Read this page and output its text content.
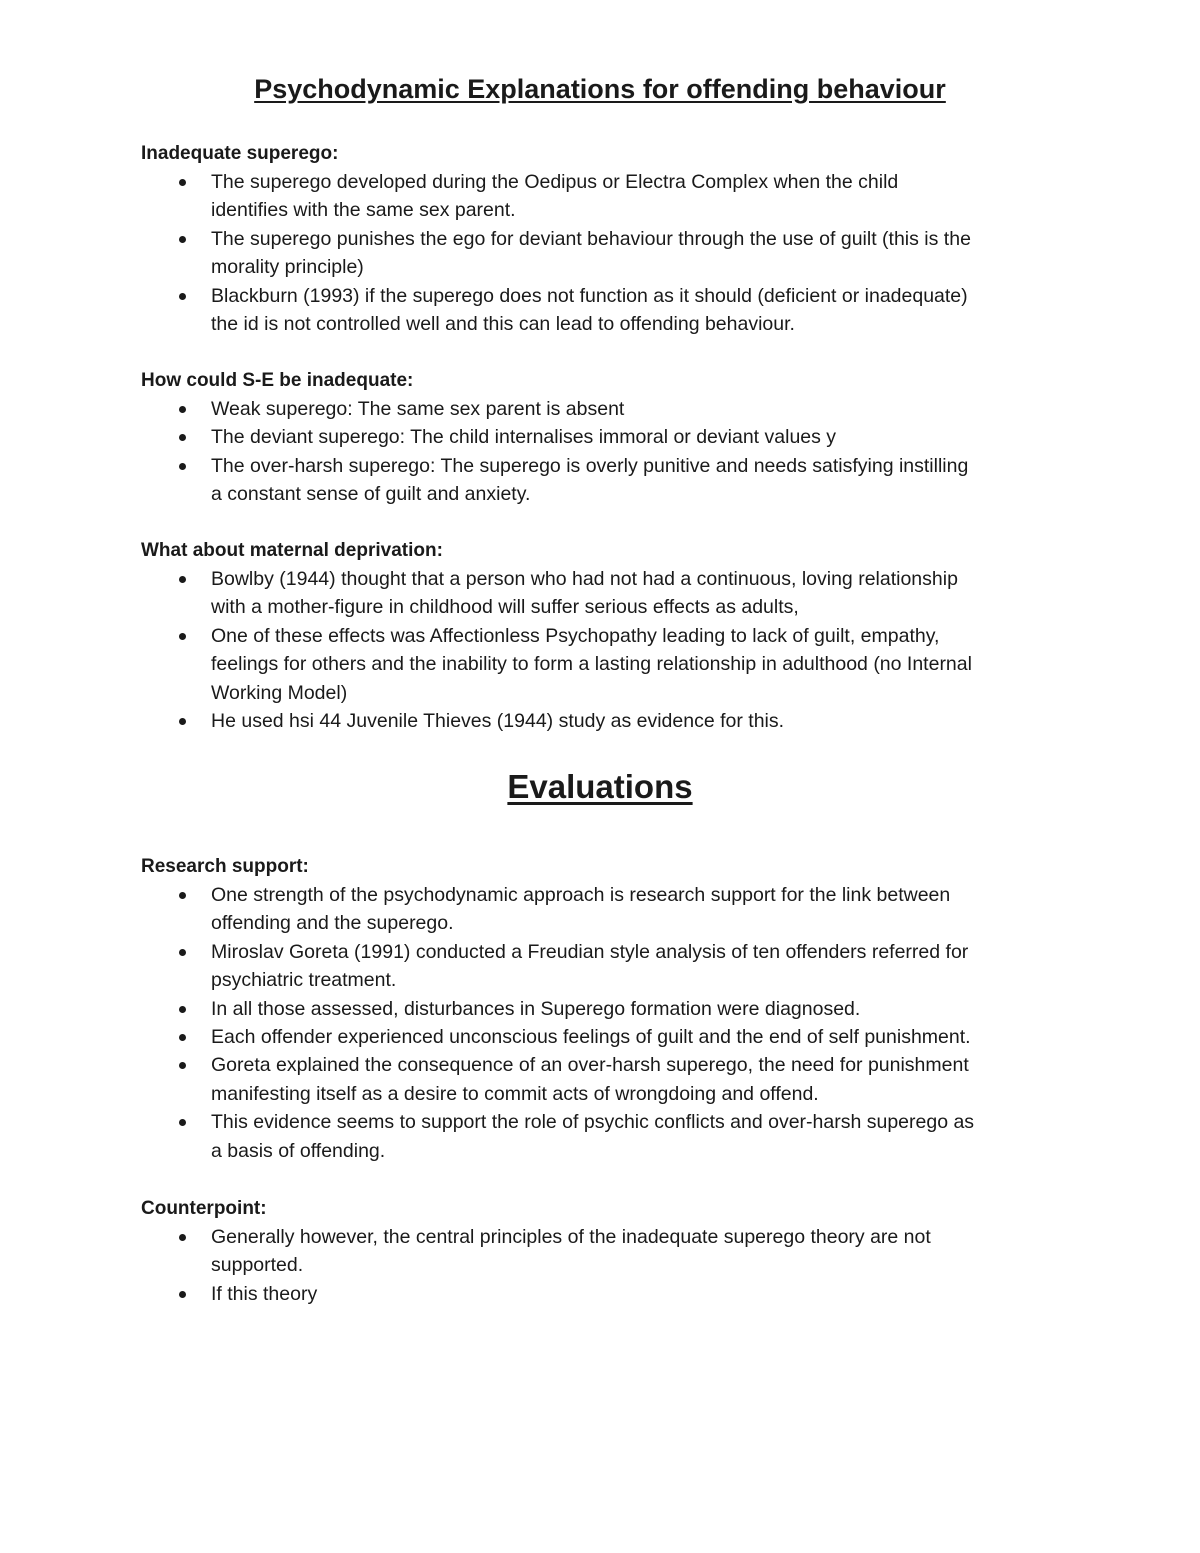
Psychodynamic Explanations for offending behaviour
Inadequate superego:
The superego developed during the Oedipus or Electra Complex when the child
identifies with the same sex parent.
The superego punishes the ego for deviant behaviour through the use of guilt (this is the
morality principle)
Blackburn (1993) if the superego does not function as it should (deficient or inadequate)
the id is not controlled well and this can lead to offending behaviour.
How could S-E be inadequate:
Weak superego: The same sex parent is absent
The deviant superego: The child internalises immoral or deviant values y
The over-harsh superego: The superego is overly punitive and needs satisfying instilling
a constant sense of guilt and anxiety.
What about maternal deprivation:
Bowlby (1944) thought that a person who had not had a continuous, loving relationship
with a mother-figure in childhood will suffer serious effects as adults,
One of these effects was Affectionless Psychopathy leading to lack of guilt, empathy,
feelings for others and the inability to form a lasting relationship in adulthood (no Internal
Working Model)
He used hsi 44 Juvenile Thieves (1944) study as evidence for this.
Evaluations
Research support:
One strength of the psychodynamic approach is research support for the link between
offending and the superego.
Miroslav Goreta (1991) conducted a Freudian style analysis of ten offenders referred for
psychiatric treatment.
In all those assessed, disturbances in Superego formation were diagnosed.
Each offender experienced unconscious feelings of guilt and the end of self punishment.
Goreta explained the consequence of an over-harsh superego, the need for punishment
manifesting itself as a desire to commit acts of wrongdoing and offend.
This evidence seems to support the role of psychic conflicts and over-harsh superego as
a basis of offending.
Counterpoint:
Generally however, the central principles of the inadequate superego theory are not
supported.
If this theory
